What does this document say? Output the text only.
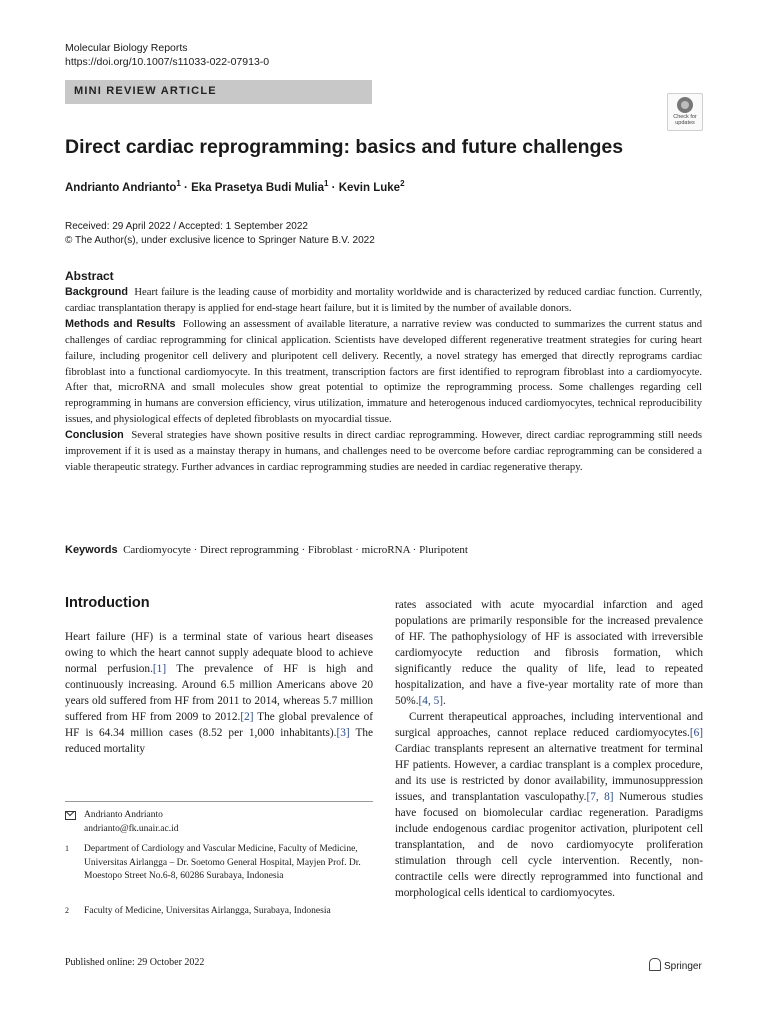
Molecular Biology Reports
https://doi.org/10.1007/s11033-022-07913-0
MINI REVIEW ARTICLE
Check for
updates
Direct cardiac reprogramming: basics and future challenges
Andrianto Andrianto$^1$ · Eka Prasetya Budi Mulia$^1$ · Kevin Luke$^2$
Received: 29 April 2022 / Accepted: 1 September 2022
© The Author(s), under exclusive licence to Springer Nature B.V. 2022
Abstract

Background Heart failure is the leading cause of morbidity and mortality worldwide and is characterized by reduced cardiac function. Currently, cardiac transplantation therapy is applied for end-stage heart failure, but it is limited by the number of available donors.

Methods and Results Following an assessment of available literature, a narrative review was conducted to summarizes the current status and challenges of cardiac reprogramming for clinical application. Scientists have developed different regenerative treatment strategies for curing heart failure, including progenitor cell delivery and pluripotent cell delivery. Recently, a novel strategy has emerged that directly reprograms cardiac fibroblast into a functional cardiomyocyte. In this treatment, transcription factors are first identified to reprogram fibroblast into a cardiomyocyte. After that, microRNA and small molecules show great potential to optimize the reprogramming process. Some challenges regarding cell reprogramming in humans are conversion efficiency, virus utilization, immature and heterogenous induced cardiomyocytes, technical reproducibility issues, and physiological effects of depleted fibroblasts on myocardial tissue.

Conclusion Several strategies have shown positive results in direct cardiac reprogramming. However, direct cardiac reprogramming still needs improvement if it is used as a mainstay therapy in humans, and challenges need to be overcome before cardiac reprogramming can be considered a viable therapeutic strategy. Further advances in cardiac reprogramming studies are needed in cardiac regenerative therapy.

Keywords Cardiomyocyte · Direct reprogramming · Fibroblast · microRNA · Pluripotent
Introduction

Heart failure (HF) is a terminal state of various heart diseases owing to which the heart cannot supply adequate blood to achieve normal perfusion.[1] The prevalence of HF is high and continuously increasing. Around 6.5 million Americans above 20 years old suffered from HF from 2011 to 2014, whereas 5.7 million suffered from HF from 2009 to 2012.[2] The global prevalence of HF is 64.34 million cases (8.52 per 1,000 inhabitants).[3] The reduced mortality

rates associated with acute myocardial infarction and aged populations are primarily responsible for the increased prevalence of HF. The pathophysiology of HF is associated with irreversible cardiomyocyte reduction and fibrosis formation, which significantly reduce the quality of life, lead to repeated hospitalization, and have a five-year mortality rate of more than 50%.[4, 5].

Current therapeutical approaches, including interventional and surgical approaches, cannot replace reduced cardiomyocytes.[6] Cardiac transplants represent an alternative treatment for terminal HF patients. However, a cardiac transplant is a complex procedure, and its use is restricted by donor availability, immunosuppression issues, and transplantation vasculopathy.[7, 8] Numerous studies have focused on biomolecular cardiac regeneration. Paradigms include endogenous cardiac progenitor activation, pluripotent cell transplantation, and de novo cardiomyocyte proliferation stimulation through cell cycle intervention. Recently, non-contractile cells were directly reprogrammed into functional and morphological cells identical to cardiomyocytes.

Andrianto Andrianto
andrianto@fk.unair.ac.id
1 Department of Cardiology and Vascular Medicine, Faculty of Medicine, Universitas Airlangga – Dr. Soetomo General Hospital, Mayjen Prof. Dr. Moestopo Street No.6-8, 60286 Surabaya, Indonesia
2 Faculty of Medicine, Universitas Airlangga, Surabaya, Indonesia
Published online: 29 October 2022	Springer
